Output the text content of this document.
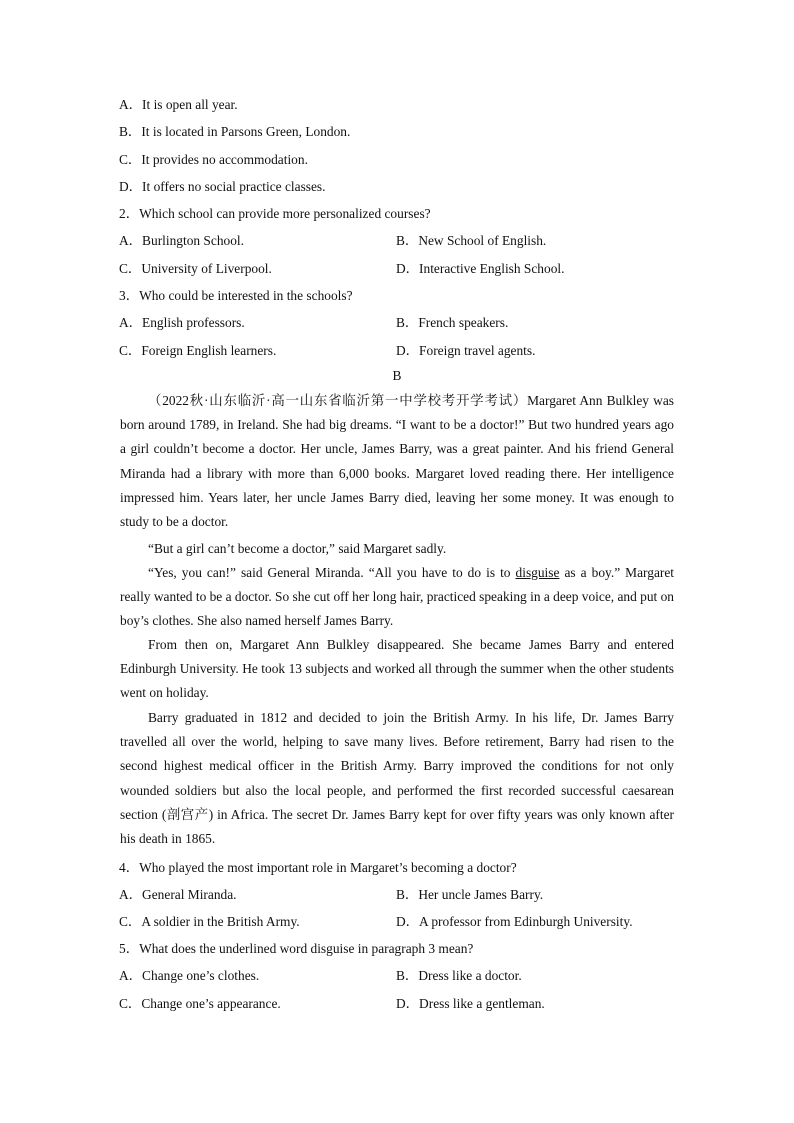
A．It is open all year.
B．It is located in Parsons Green, London.
C．It provides no accommodation.
D．It offers no social practice classes.
2．Which school can provide more personalized courses?
A．Burlington School.	B．New School of English.
C．University of Liverpool.	D．Interactive English School.
3．Who could be interested in the schools?
A．English professors.	B．French speakers.
C．Foreign English learners.	D．Foreign travel agents.
B
（2022秋·山东临沂·高一山东省临沂第一中学校考开学考试）Margaret Ann Bulkley was born around 1789, in Ireland. She had big dreams. “I want to be a doctor!” But two hundred years ago a girl couldn’t become a doctor. Her uncle, James Barry, was a great painter. And his friend General Miranda had a library with more than 6,000 books. Margaret loved reading there. Her intelligence impressed him. Years later, her uncle James Barry died, leaving her some money. It was enough to study to be a doctor.
“But a girl can’t become a doctor,” said Margaret sadly.
“Yes, you can!” said General Miranda. “All you have to do is to disguise as a boy.” Margaret really wanted to be a doctor. So she cut off her long hair, practiced speaking in a deep voice, and put on boy’s clothes. She also named herself James Barry.
From then on, Margaret Ann Bulkley disappeared. She became James Barry and entered Edinburgh University. He took 13 subjects and worked all through the summer when the other students went on holiday.
Barry graduated in 1812 and decided to join the British Army. In his life, Dr. James Barry travelled all over the world, helping to save many lives. Before retirement, Barry had risen to the second highest medical officer in the British Army. Barry improved the conditions for not only wounded soldiers but also the local people, and performed the first recorded successful caesarean section (剖宫产) in Africa. The secret Dr. James Barry kept for over fifty years was only known after his death in 1865.
4．Who played the most important role in Margaret’s becoming a doctor?
A．General Miranda.	B．Her uncle James Barry.
C．A soldier in the British Army.	D．A professor from Edinburgh University.
5．What does the underlined word disguise in paragraph 3 mean?
A．Change one’s clothes.	B．Dress like a doctor.
C．Change one’s appearance.	D．Dress like a gentleman.
